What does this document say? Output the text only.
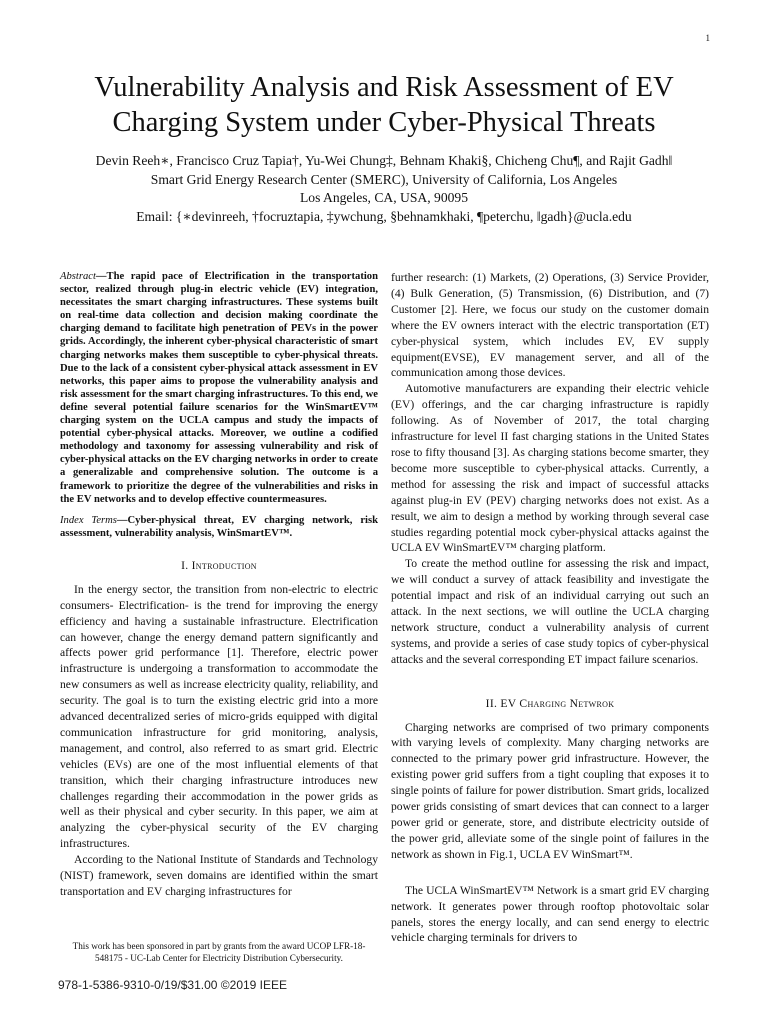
1
Vulnerability Analysis and Risk Assessment of EV
Charging System under Cyber-Physical Threats
Devin Reeh∗, Francisco Cruz Tapia†, Yu-Wei Chung‡, Behnam Khaki§, Chicheng Chu¶, and Rajit Gadh‖
Smart Grid Energy Research Center (SMERC), University of California, Los Angeles
Los Angeles, CA, USA, 90095
Email: {∗devinreeh, †focruztapia, ‡ywchung, §behnamkhaki, ¶peterchu, ‖gadh}@ucla.edu

Abstract—The rapid pace of Electrification in the transportation sector, realized through plug-in electric vehicle (EV) integration, necessitates the smart charging infrastructures. These systems built on real-time data collection and decision making coordinate the charging demand to facilitate high penetration of PEVs in the power grids. Accordingly, the inherent cyber-physical characteristic of smart charging networks makes them susceptible to cyber-physical threats. Due to the lack of a consistent cyber-physical attack assessment in EV networks, this paper aims to propose the vulnerability analysis and risk assessment for the smart charging infrastructures. To this end, we define several potential failure scenarios for the WinSmartEV™ charging system on the UCLA campus and study the impacts of potential cyber-physical attacks. Moreover, we outline a codified methodology and taxonomy for assessing vulnerability and risk of cyber-physical attacks on the EV charging networks in order to create a generalizable and comprehensive solution. The outcome is a framework to prioritize the degree of the vulnerabilities and risks in the EV networks and to develop effective countermeasures.

Index Terms—Cyber-physical threat, EV charging network, risk assessment, vulnerability analysis, WinSmartEV™.

I. Introduction

In the energy sector, the transition from non-electric to electric consumers- Electrification- is the trend for improving the energy efficiency and having a sustainable infrastructure. Electrification can however, change the energy demand pattern significantly and affects power grid performance [1]. Therefore, electric power infrastructure is undergoing a transformation to accommodate the new consumers as well as increase electricity quality, reliability, and security. The goal is to turn the existing electric grid into a more advanced decentralized series of micro-grids equipped with digital communication infrastructure for grid monitoring, analysis, management, and control, also referred to as smart grid. Electric vehicles (EVs) are one of the most influential elements of that transition, which their charging infrastructure introduces new challenges regarding their accommodation in the power grids as well as their physical and cyber security. In this paper, we aim at analyzing the cyber-physical security of the EV charging infrastructures.

According to the National Institute of Standards and Technology (NIST) framework, seven domains are identified within the smart transportation and EV charging infrastructures for

further research: (1) Markets, (2) Operations, (3) Service Provider, (4) Bulk Generation, (5) Transmission, (6) Distribution, and (7) Customer [2]. Here, we focus our study on the customer domain where the EV owners interact with the electric transportation (ET) cyber-physical system, which includes EV, EV supply equipment(EVSE), EV management server, and all of the communication among those devices.

Automotive manufacturers are expanding their electric vehicle (EV) offerings, and the car charging infrastructure is rapidly following. As of November of 2017, the total charging infrastructure for level II fast charging stations in the United States rose to fifty thousand [3]. As charging stations become smarter, they become more susceptible to cyber-physical attacks. Currently, a method for assessing the risk and impact of successful attacks against plug-in EV (PEV) charging networks does not exist. As a result, we aim to design a method by working through several case studies regarding potential mock cyber-physical attacks against the UCLA EV WinSmartEV™ charging platform.

To create the method outline for assessing the risk and impact, we will conduct a survey of attack feasibility and investigate the potential impact and risk of an individual carrying out such an attack. In the next sections, we will outline the UCLA charging network structure, conduct a vulnerability analysis of current systems, and provide a series of case study topics of cyber-physical attacks and the several corresponding ET impact failure scenarios.

II. EV Charging Netwrok

Charging networks are comprised of two primary components with varying levels of complexity. Many charging networks are connected to the primary power grid infrastructure. However, the existing power grid suffers from a tight coupling that exposes it to single points of failure for power distribution. Smart grids, localized power grids consisting of smart devices that can connect to a larger power grid or generate, store, and distribute electricity outside of the power grid, alleviate some of the single point of failures in the network as shown in Fig.1, UCLA EV WinSmart™.

The UCLA WinSmartEV™ Network is a smart grid EV charging network. It generates power through rooftop photovoltaic solar panels, stores the energy locally, and can send energy to electric vehicle charging terminals for drivers to

This work has been sponsored in part by grants from the award UCOP LFR-18-548175 - UC-Lab Center for Electricity Distribution Cybersecurity.
978-1-5386-9310-0/19/$31.00 ©2019 IEEE
